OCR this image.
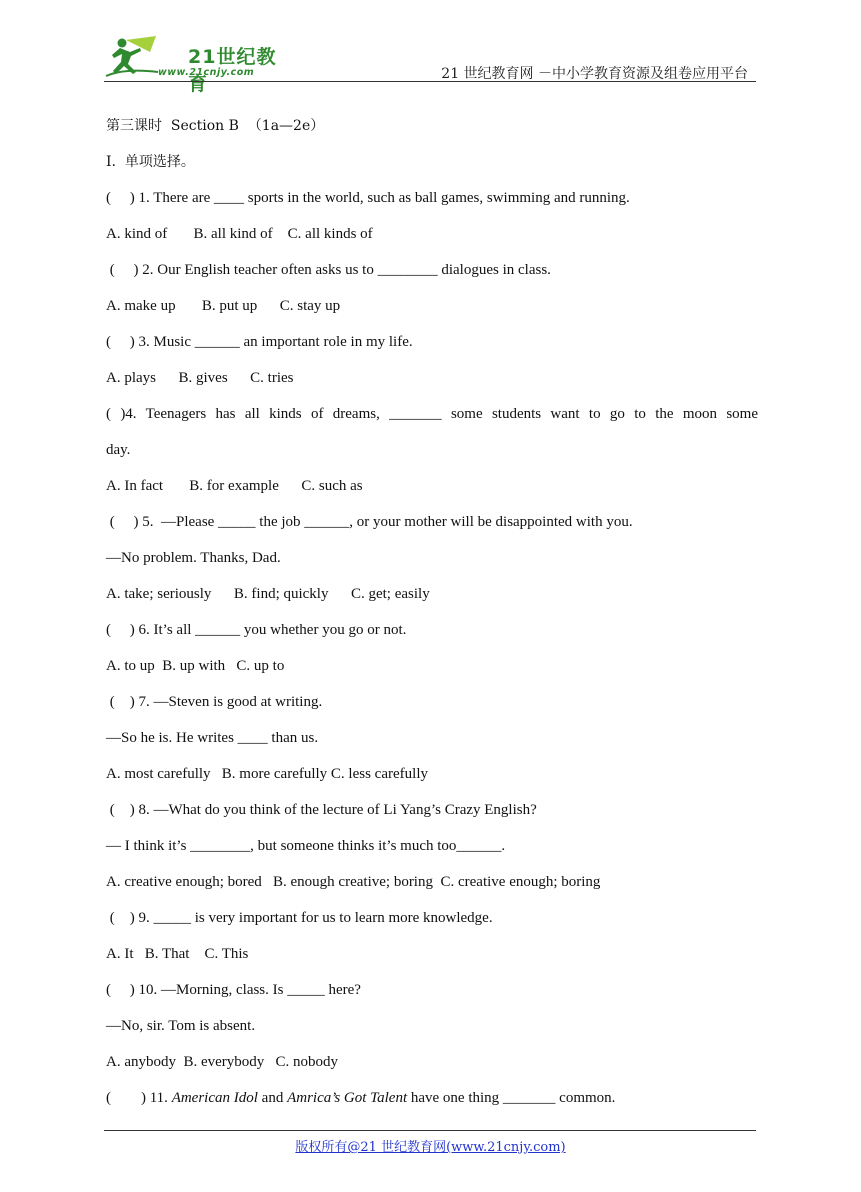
21世纪教育
www.21cnjy.com	21 世纪教育网 －中小学教育资源及组卷应用平台
第三课时  Section B  （1a—2e）
I.  单项选择。
(     ) 1. There are ____ sports in the world, such as ball games, swimming and running.
A. kind of       B. all kind of    C. all kinds of
(     ) 2. Our English teacher often asks us to ________ dialogues in class.
A. make up       B. put up      C. stay up
(     ) 3. Music ______ an important role in my life.
A. plays      B. gives      C. tries
( )4. Teenagers has all kinds of dreams, _______ some students want to go to the moon some
day.
A. In fact       B. for example      C. such as
(     ) 5.  —Please _____ the job ______, or your mother will be disappointed with you.
—No problem. Thanks, Dad.
A. take; seriously      B. find; quickly      C. get; easily
(     ) 6. It’s all ______ you whether you go or not.
A. to up  B. up with   C. up to
(    ) 7. —Steven is good at writing.
—So he is. He writes ____ than us.
A. most carefully   B. more carefully C. less carefully
(    ) 8. —What do you think of the lecture of Li Yang’s Crazy English?
— I think it’s ________, but someone thinks it’s much too______.
A. creative enough; bored   B. enough creative; boring  C. creative enough; boring
(    ) 9. _____ is very important for us to learn more knowledge.
A. It   B. That    C. This
(     ) 10. —Morning, class. Is _____ here?
—No, sir. Tom is absent.
A. anybody  B. everybody   C. nobody
(        ) 11. American Idol and Amrica’s Got Talent have one thing _______ common.
版权所有@21 世纪教育网(www.21cnjy.com)
